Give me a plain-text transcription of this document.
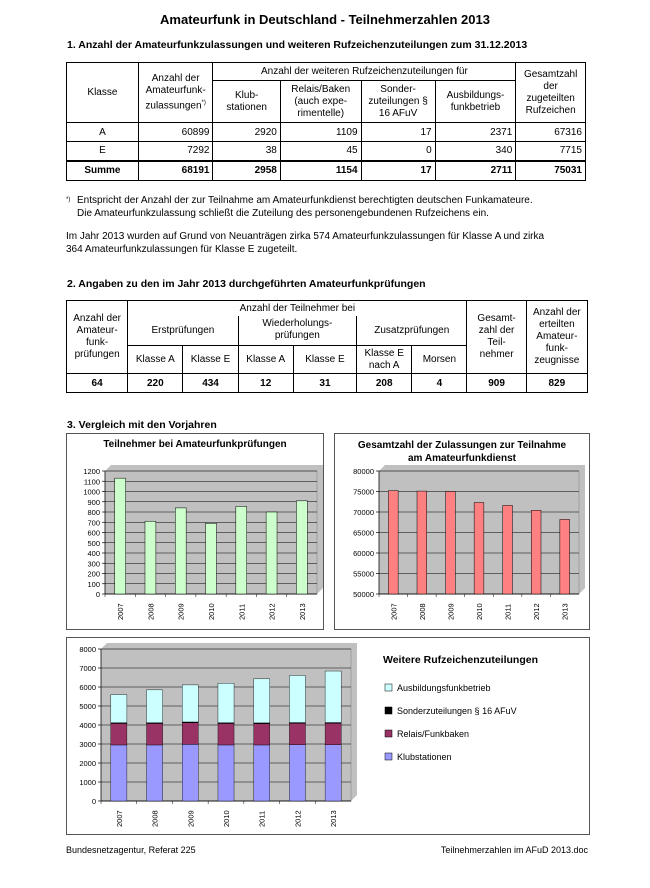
Amateurfunk in Deutschland - Teilnehmerzahlen 2013
1. Anzahl der Amateurfunkzulassungen und weiteren Rufzeichenzuteilungen zum 31.12.2013
Klasse	Anzahl der Amateurfunk-zulassungen*)	Anzahl der weiteren Rufzeichenzuteilungen für				Gesamtzahl der zugeteilten Rufzeichen
		Klub-stationen	Relais/Baken (auch expe-rimentelle)	Sonder-zuteilungen § 16 AFuV	Ausbildungs-funkbetrieb	
A	60899	2920	1109	17	2371	67316
E	7292	38	45	0	340	7715
Summe	68191	2958	1154	17	2711	75031
*) Entspricht der Anzahl der zur Teilnahme am Amateurfunkdienst berechtigten deutschen Funkamateure.
Die Amateurfunkzulassung schließt die Zuteilung des personengebundenen Rufzeichens ein.
Im Jahr 2013 wurden auf Grund von Neuanträgen zirka 574 Amateurfunkzulassungen für Klasse A und zirka
364 Amateurfunkzulassungen für Klasse E zugeteilt.
2. Angaben zu den im Jahr 2013 durchgeführten Amateurfunkprüfungen
Anzahl der Amateur-funk-prüfungen	Anzahl der Teilnehmer bei						Gesamt-zahl der Teil-nehmer	Anzahl der erteilten Amateur-funk-zeugnisse
	Erstprüfungen		Wiederholungs-prüfungen		Zusatzprüfungen			
	Klasse A	Klasse E	Klasse A	Klasse E	Klasse E nach A	Morsen		
64	220	434	12	31	208	4	909	829
3. Vergleich mit den Vorjahren
Teilnehmer bei Amateurfunkprüfungen
0
100
200
300
400
500
600
700
800
900
1000
1100
1200
2007	2008	2009	2010	2011	2012	2013
Gesamtzahl der Zulassungen zur Teilnahme am Amateurfunkdienst
50000
55000
60000
65000
70000
75000
80000
2007	2008	2009	2010	2011	2012	2013
0
1000
2000
3000
4000
5000
6000
7000
8000
2007	2008	2009	2010	2011	2012	2013
Ausbildungsfunkbetrieb
Sonderzuteilungen § 16 AFuV
Relais/Funkbaken
Klubstationen
Weitere Rufzeichenzuteilungen
Bundesnetzagentur, Referat 225	Teilnehmerzahlen im AFuD 2013.doc
